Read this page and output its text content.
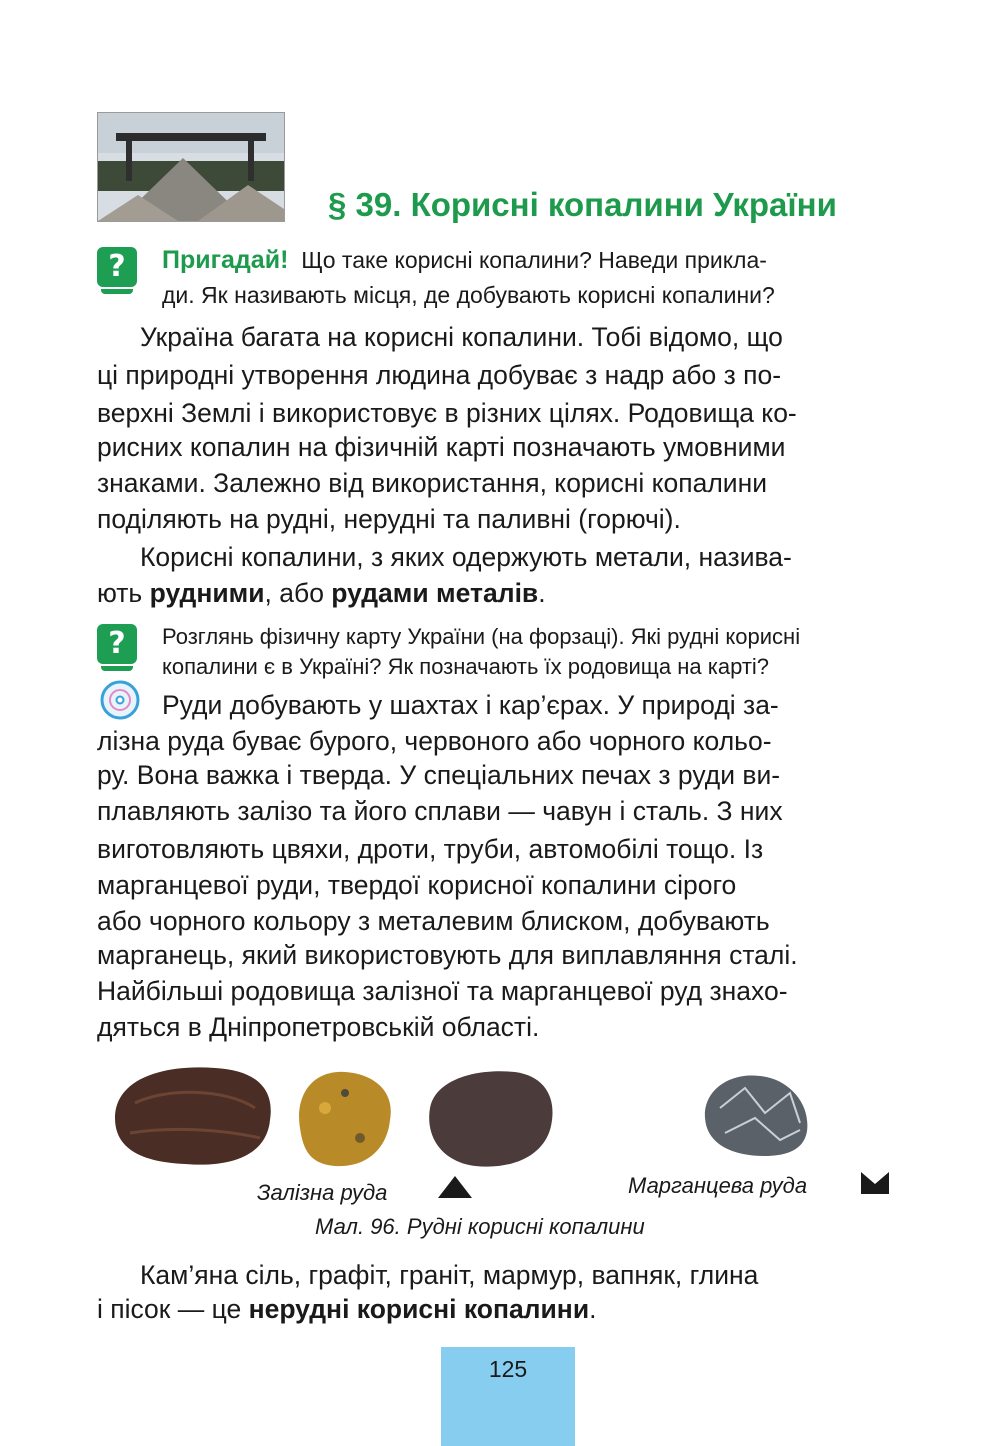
§ 39. Корисні копалини України
?	Пригадай! Що таке корисні копалини? Наведи прикла-
ди. Як називають місця, де добувають корисні копалини?
Україна багата на корисні копалини. Тобі відомо, що
ці природні утворення людина добуває з надр або з по-
верхні Землі і використовує в різних цілях. Родовища ко-
рисних копалин на фізичній карті позначають умовними
знаками. Залежно від використання, корисні копалини
поділяють на рудні, нерудні та паливні (горючі).
Корисні копалини, з яких одержують метали, назива-
ють рудними, або рудами металів.
?	Розглянь фізичну карту України (на форзаці). Які рудні корисні
копалини є в Україні? Як позначають їх родовища на карті?
Руди добувають у шахтах і кар’єрах. У природі за-
лізна руда буває бурого, червоного або чорного кольо-
ру. Вона важка і тверда. У спеціальних печах з руди ви-
плавляють залізо та його сплави — чавун і сталь. З них
виготовляють цвяхи, дроти, труби, автомобілі тощо. Із
марганцевої руди, твердої корисної копалини сірого
або чорного кольору з металевим блиском, добувають
марганець, який використовують для виплавляння сталі.
Найбільші родовища залізної та марганцевої руд знахо-
дяться в Дніпропетровській області.
Залізна руда	Марганцева руда
Мал. 96. Рудні корисні копалини
Кам’яна сіль, графіт, граніт, мармур, вапняк, глина
і пісок — це нерудні корисні копалини.
125
